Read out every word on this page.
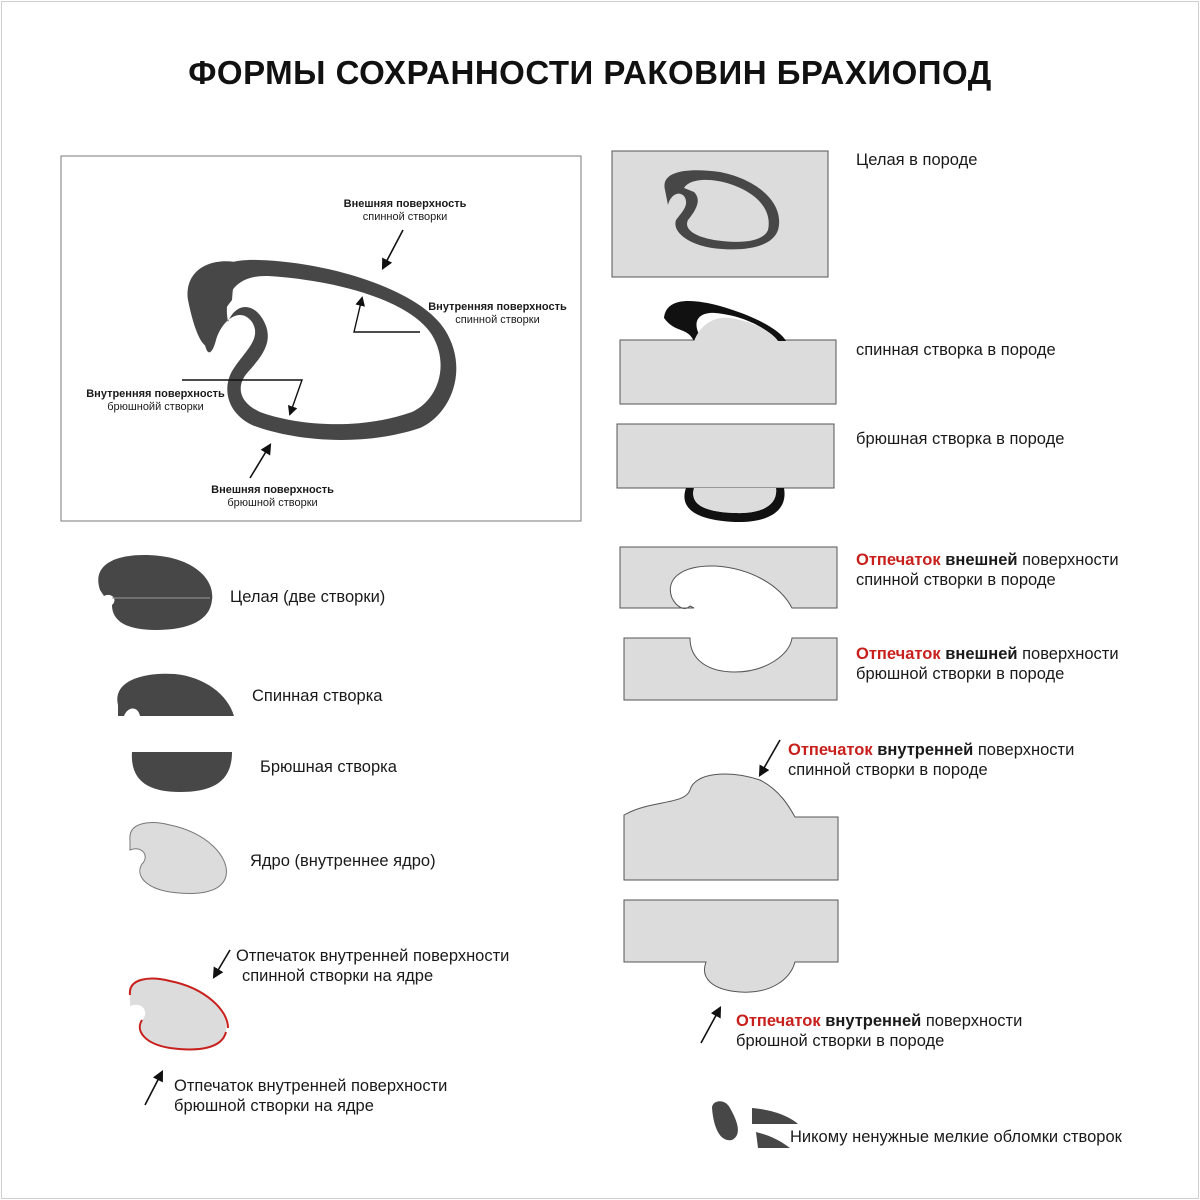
ФОРМЫ СОХРАННОСТИ РАКОВИН БРАХИОПОД
Внешняя поверхность
спинной створки
Внутренняя поверхность
спинной створки
Внутренняя поверхность
брюшнойй створки
Внешняя поверхность
брюшной створки
Целая (две створки)
Спинная створка
Брюшная створка
Ядро (внутреннее ядро)
Отпечаток внутренней поверхности
спинной створки на ядре
Отпечаток внутренней поверхности
брюшной створки на ядре
Целая в породе
спинная створка в породе
брюшная створка в породе
Отпечаток внешней поверхности
спинной створки в породе
Отпечаток внешней поверхности
брюшной створки в породе
Отпечаток внутренней поверхности
спинной створки в породе
Отпечаток внутренней поверхности
брюшной створки в породе
Никому ненужные мелкие обломки створок
